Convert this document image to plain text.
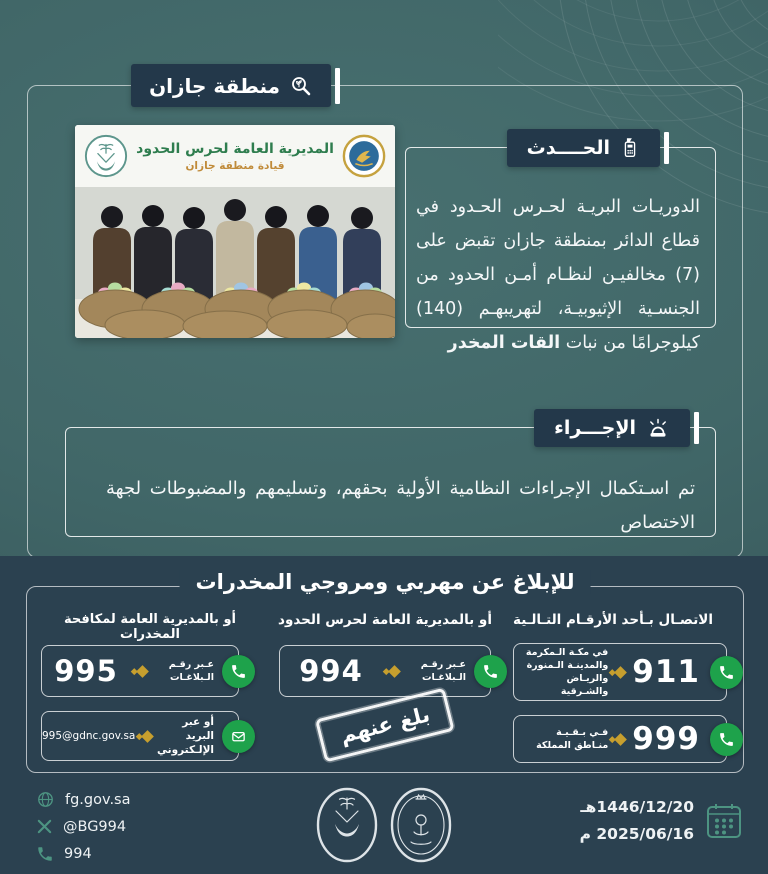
منطقة جازان
المديرية العامة لحرس الحدود
قيادة منطقة جازان
الحــــدث

الدوريـات البريـة لحـرس الحـدود في قطاع الدائر بمنطقة جازان تقبض على (7) مخالفيـن لنظـام أمـن الحدود من الجنسـية الإثيوبيـة، لتهريبهـم (140) كيلوجرامًا من نبات القات المخدر

الإجـــراء

تم اسـتكمال الإجراءات النظامية الأولية بحقهم، وتسليمهم والمضبوطات لجهة الاختصاص

للإبلاغ عن مهربي ومروجي المخدرات
الاتصـال بـأحد الأرقـام التـالـية
أو بالمديرية العامة لحرس الحدود
أو بالمديرية العامة لمكافحة المخدرات
911
في مكـة الـمكرمة والمدينـة الـمنورة والريـاض والشـرقية
999
فـي بـقـيـة منـاطق المملكة
عـبر رقـم الـبلاغـات
994
عـبر رقـم الـبلاغـات
995
أو عبر البريد الإلـكتروني
995@gdnc.gov.sa	بلغ عنهم
fg.gov.sa
@BG994
994
1446/12/20هـ
2025/06/16 م
